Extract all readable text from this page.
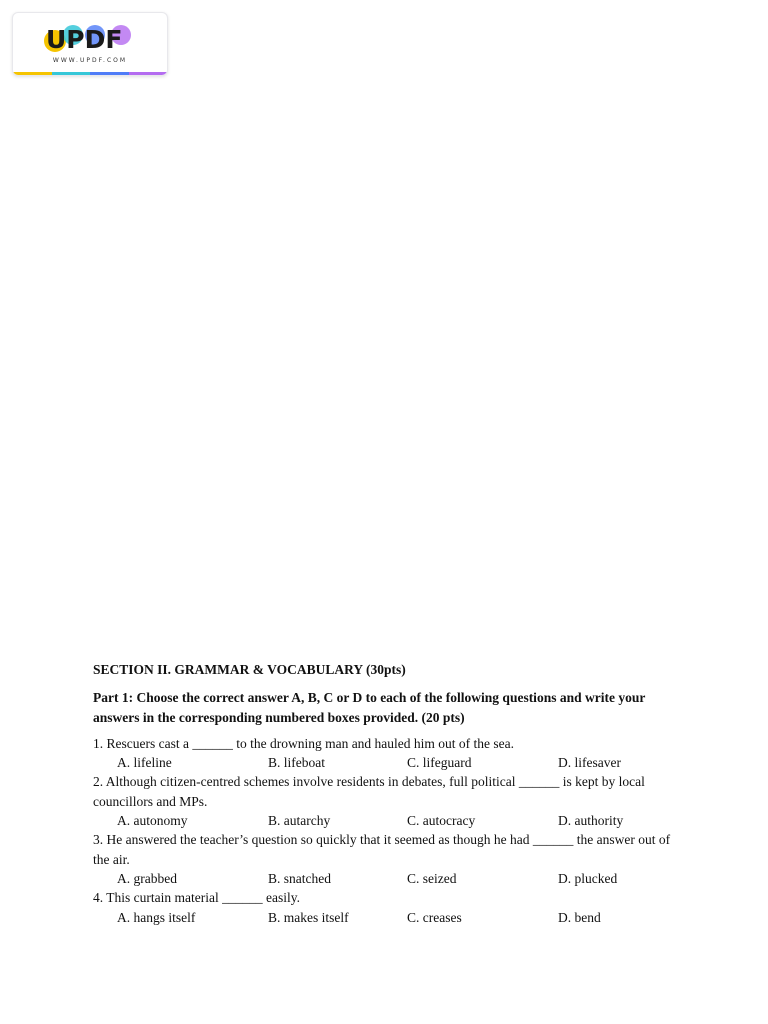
UPDF
WWW.UPDF.COM

SECTION II. GRAMMAR & VOCABULARY (30pts)

Part 1: Choose the correct answer A, B, C or D to each of the following questions and write your answers in the corresponding numbered boxes provided. (20 pts)

1. Rescuers cast a ______ to the drowning man and hauled him out of the sea.

A. lifeline	B. lifeboat	C. lifeguard	D. lifesaver

2. Although citizen-centred schemes involve residents in debates, full political ______ is kept by local councillors and MPs.

A. autonomy	B. autarchy	C. autocracy	D. authority

3. He answered the teacher’s question so quickly that it seemed as though he had ______ the answer out of the air.

A. grabbed	B. snatched	C. seized	D. plucked

4. This curtain material ______ easily.

A. hangs itself	B. makes itself	C. creases	D. bend
